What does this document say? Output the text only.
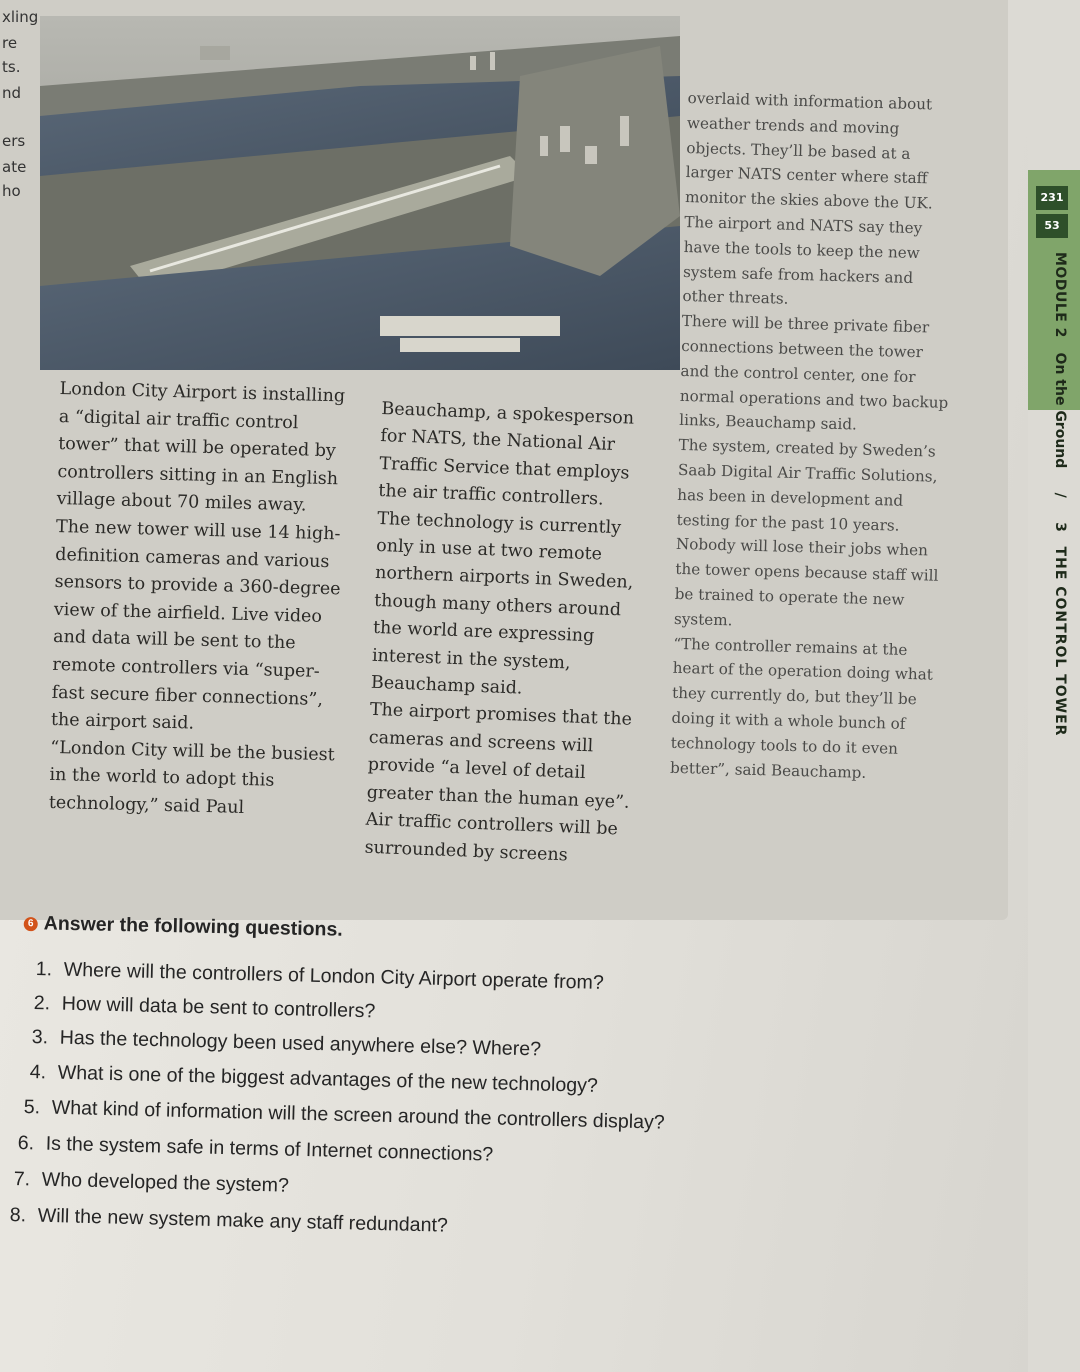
London City Airport is installing a “digital air traffic control tower” that will be operated by controllers sitting in an English village about 70 miles away.

The new tower will use 14 high-definition cameras and various sensors to provide a 360-degree view of the airfield. Live video and data will be sent to the remote controllers via “super-fast secure fiber connections”, the airport said.

“London City will be the busiest in the world to adopt this technology,” said Paul

Beauchamp, a spokesperson for NATS, the National Air Traffic Service that employs the air traffic controllers.

The technology is currently only in use at two remote northern airports in Sweden, though many others around the world are expressing interest in the system, Beauchamp said.

The airport promises that the cameras and screens will provide “a level of detail greater than the human eye”. Air traffic controllers will be surrounded by screens

overlaid with information about weather trends and moving objects. They’ll be based at a larger NATS center where staff monitor the skies above the UK.

The airport and NATS say they have the tools to keep the new system safe from hackers and other threats.

There will be three private fiber connections between the tower and the control center, one for normal operations and two backup links, Beauchamp said.

The system, created by Sweden’s Saab Digital Air Traffic Solutions, has been in development and testing for the past 10 years.

Nobody will lose their jobs when the tower opens because staff will be trained to operate the new system.

“The controller remains at the heart of the operation doing what they currently do, but they’ll be doing it with a whole bunch of technology tools to do it even better”, said Beauchamp.

xling
re
ts.
nd
ers
ate
ho	231
53
MODULE 2   On the Ground     /     3   THE CONTROL TOWER
6 Answer the following questions.
1. Where will the controllers of London City Airport operate from?
2. How will data be sent to controllers?
3. Has the technology been used anywhere else? Where?
4. What is one of the biggest advantages of the new technology?
5. What kind of information will the screen around the controllers display?
6. Is the system safe in terms of Internet connections?
7. Who developed the system?
8. Will the new system make any staff redundant?
